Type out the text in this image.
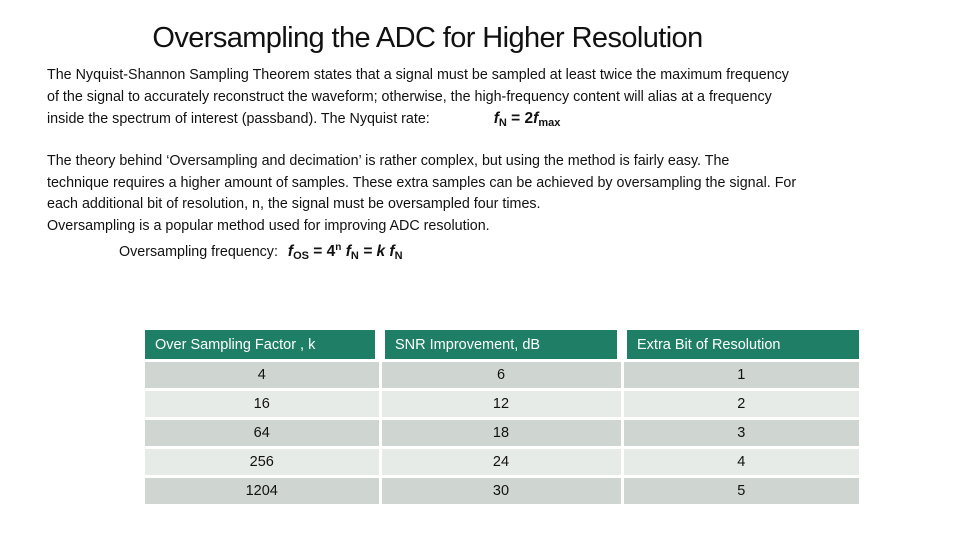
Oversampling the ADC for Higher Resolution
The Nyquist-Shannon Sampling Theorem states that a signal must be sampled at least twice the maximum frequency
of the signal to accurately reconstruct the waveform; otherwise, the high-frequency content will alias at a frequency
inside the spectrum of interest (passband). The Nyquist rate:	$f_N = 2f_{max}$
The theory behind ‘Oversampling and decimation’ is rather complex, but using the method is fairly easy. The
technique requires a higher amount of samples. These extra samples can be achieved by oversampling the signal. For
each additional bit of resolution, n, the signal must be oversampled four times.
Oversampling is a popular method used for improving ADC resolution.
Oversampling frequency: $f_{OS} = 4^n$ $f_N = k$ $f_N$
Over Sampling Factor , k	SNR Improvement, dB	Extra Bit of Resolution
4	6	1
16	12	2
64	18	3
256	24	4
1204	30	5
